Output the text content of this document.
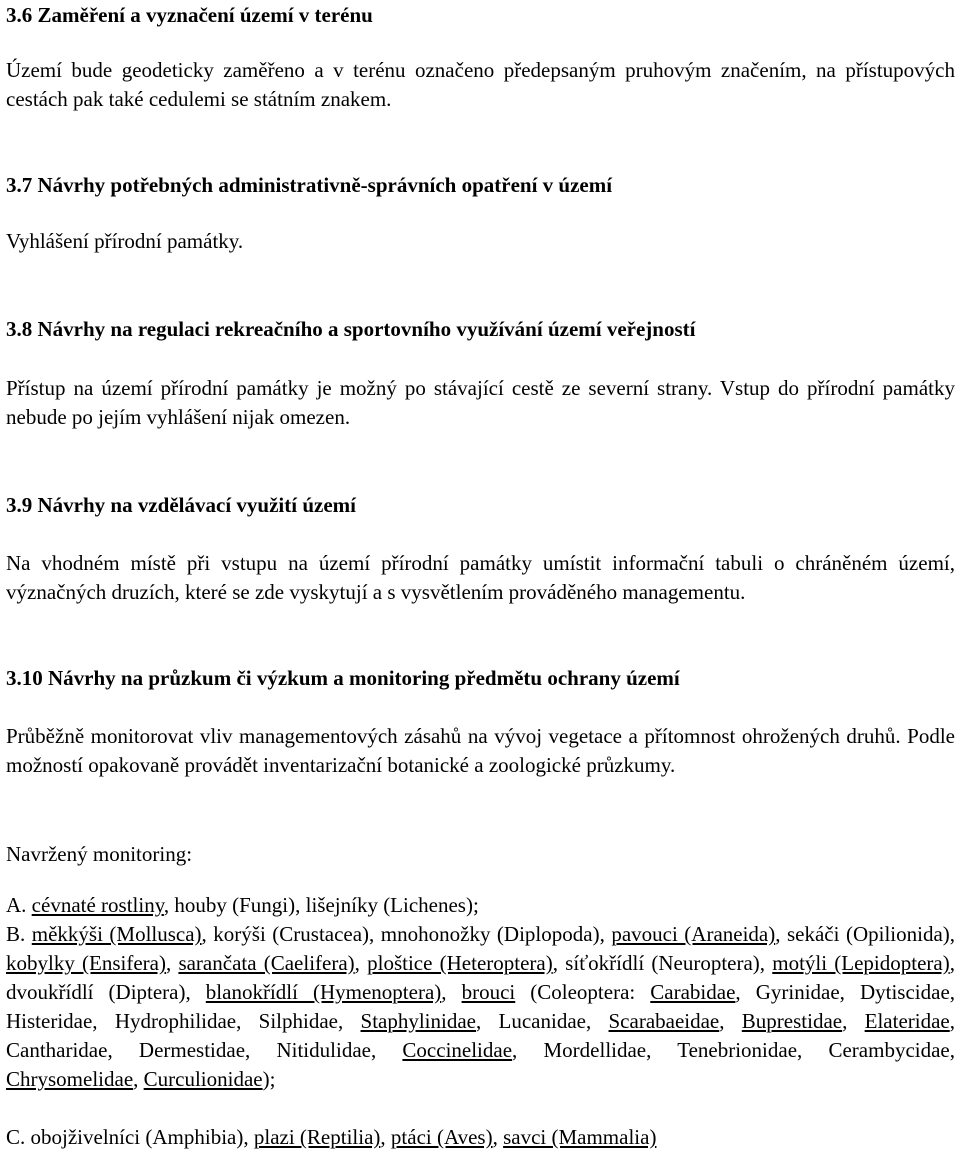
3.6 Zaměření a vyznačení území v terénu

Území bude geodeticky zaměřeno a v terénu označeno předepsaným pruhovým značením, na přístupových cestách pak také cedulemi se státním znakem.

3.7 Návrhy potřebných administrativně-správních opatření v území

Vyhlášení přírodní památky.

3.8 Návrhy na regulaci rekreačního a sportovního využívání území veřejností

Přístup na území přírodní památky je možný po stávající cestě ze severní strany. Vstup do přírodní památky nebude po jejím vyhlášení nijak omezen.

3.9 Návrhy na vzdělávací využití území

Na vhodném místě při vstupu na území přírodní památky umístit informační tabuli o chráněném území, význačných druzích, které se zde vyskytují a s vysvětlením prováděného managementu.

3.10 Návrhy na průzkum či výzkum a monitoring předmětu ochrany území

Průběžně monitorovat vliv managementových zásahů na vývoj vegetace a přítomnost ohrožených druhů. Podle možností opakovaně provádět inventarizační botanické a zoologické průzkumy.

Navržený monitoring:

A. cévnaté rostliny, houby (Fungi), lišejníky (Lichenes);

B. měkkýši (Mollusca), korýši (Crustacea), mnohonožky (Diplopoda), pavouci (Araneida), sekáči (Opilionida), kobylky (Ensifera), sarančata (Caelifera), ploštice (Heteroptera), síťokřídlí (Neuroptera), motýli (Lepidoptera), dvoukřídlí (Diptera), blanokřídlí (Hymenoptera), brouci (Coleoptera: Carabidae, Gyrinidae, Dytiscidae, Histeridae, Hydrophilidae, Silphidae, Staphylinidae, Lucanidae, Scarabaeidae, Buprestidae, Elateridae, Cantharidae, Dermestidae, Nitidulidae, Coccinelidae, Mordellidae, Tenebrionidae, Cerambycidae, Chrysomelidae, Curculionidae);

C. obojživelníci (Amphibia), plazi (Reptilia), ptáci (Aves), savci (Mammalia)
